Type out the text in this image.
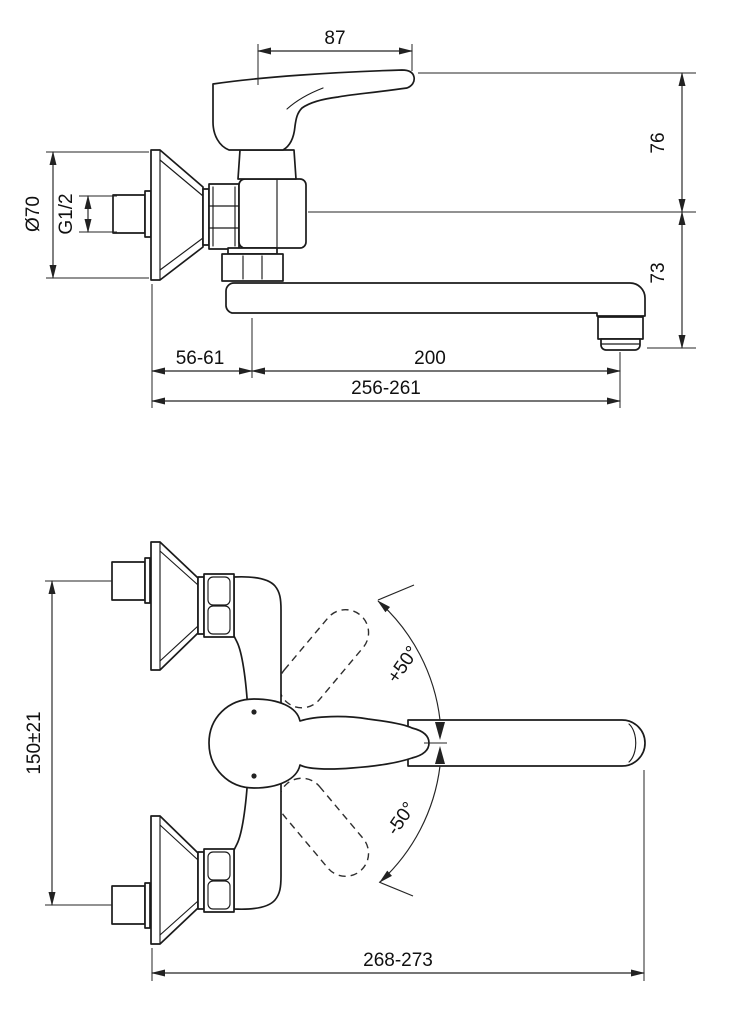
87
76
73
Ø70 G1/2
56-61	200
256-261
+50°
-50°
150±21
268-273
